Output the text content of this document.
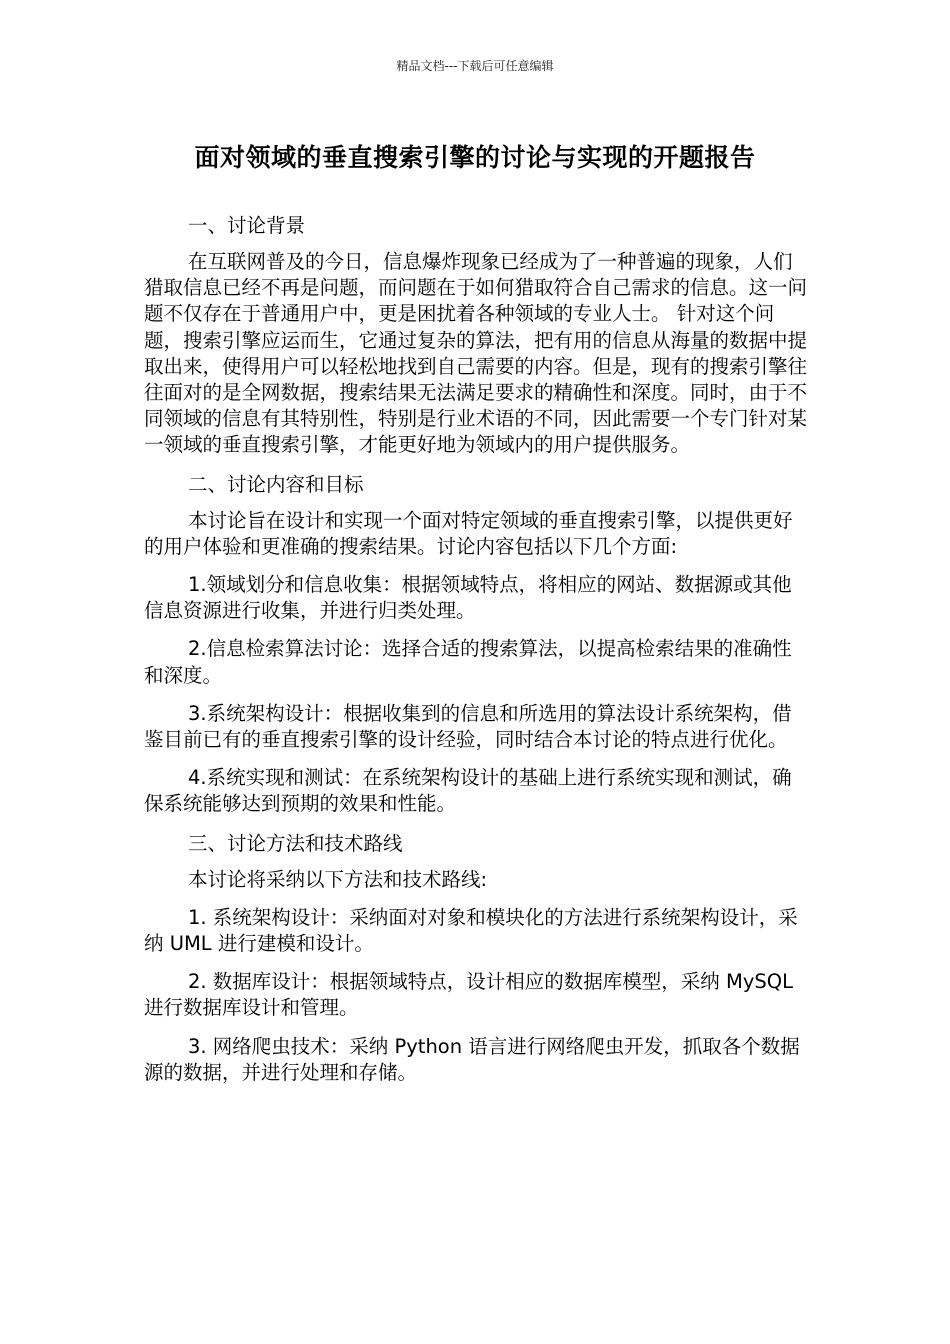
精品文档---下载后可任意编辑
面对领域的垂直搜索引擎的讨论与实现的开题报告
一、讨论背景

在互联网普及的今日，信息爆炸现象已经成为了一种普遍的现象，人们猎取信息已经不再是问题，而问题在于如何猎取符合自己需求的信息。这一问题不仅存在于普通用户中，更是困扰着各种领域的专业人士。 针对这个问题，搜索引擎应运而生，它通过复杂的算法，把有用的信息从海量的数据中提取出来，使得用户可以轻松地找到自己需要的内容。但是，现有的搜索引擎往往面对的是全网数据，搜索结果无法满足要求的精确性和深度。同时，由于不同领域的信息有其特别性，特别是行业术语的不同，因此需要一个专门针对某一领域的垂直搜索引擎，才能更好地为领域内的用户提供服务。

二、讨论内容和目标

本讨论旨在设计和实现一个面对特定领域的垂直搜索引擎，以提供更好的用户体验和更准确的搜索结果。讨论内容包括以下几个方面:

1.领域划分和信息收集：根据领域特点，将相应的网站、数据源或其他信息资源进行收集，并进行归类处理。

2.信息检索算法讨论：选择合适的搜索算法，以提高检索结果的准确性和深度。

3.系统架构设计：根据收集到的信息和所选用的算法设计系统架构，借鉴目前已有的垂直搜索引擎的设计经验，同时结合本讨论的特点进行优化。

4.系统实现和测试：在系统架构设计的基础上进行系统实现和测试，确保系统能够达到预期的效果和性能。

三、讨论方法和技术路线

本讨论将采纳以下方法和技术路线:

1. 系统架构设计：采纳面对对象和模块化的方法进行系统架构设计，采纳 UML 进行建模和设计。

2. 数据库设计：根据领域特点，设计相应的数据库模型，采纳 MySQL 进行数据库设计和管理。

3. 网络爬虫技术：采纳 Python 语言进行网络爬虫开发，抓取各个数据源的数据，并进行处理和存储。
